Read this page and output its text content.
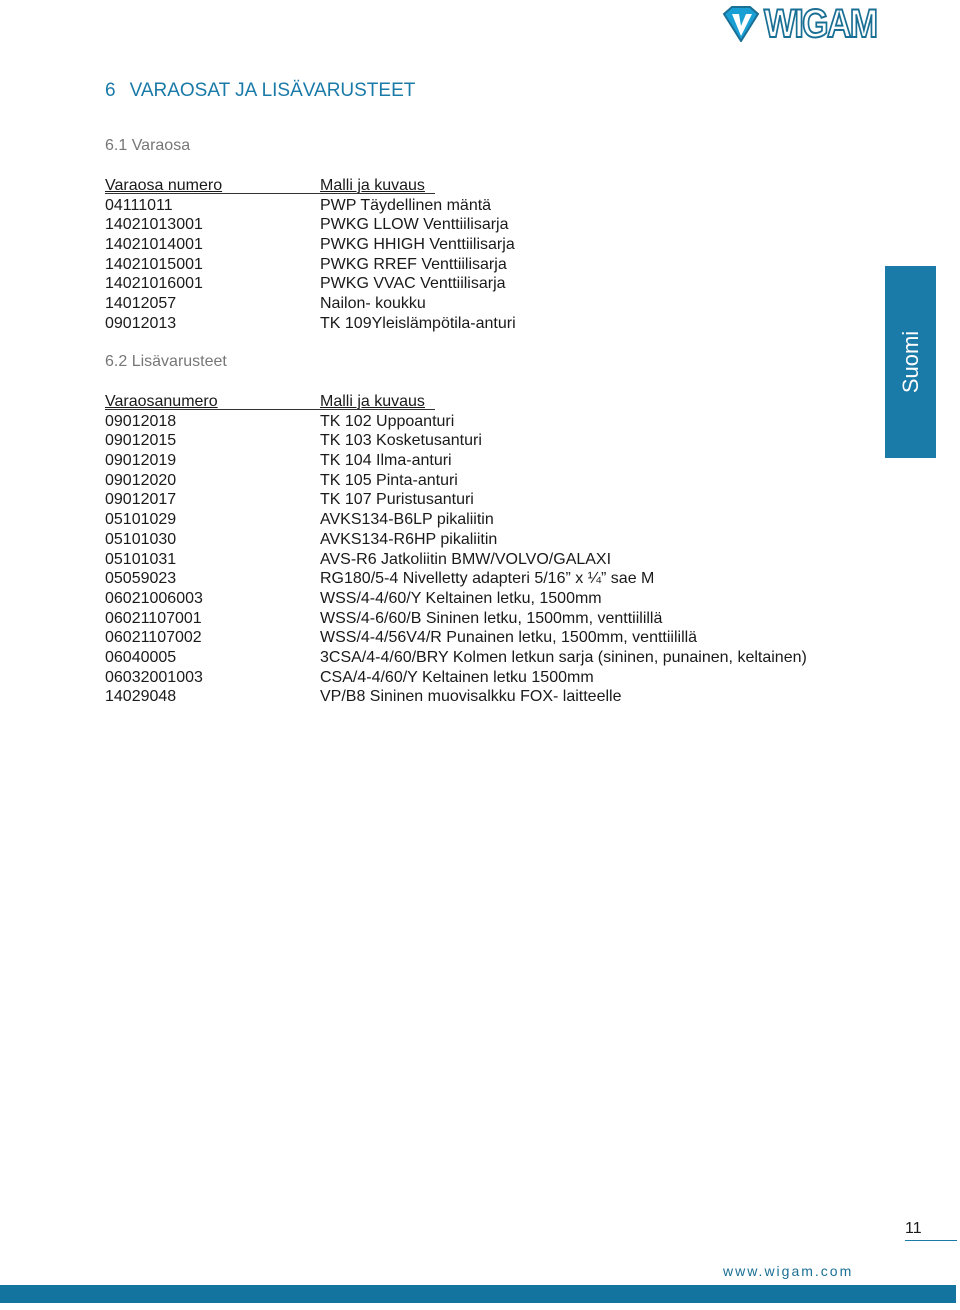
WIGAM
6 VARAOSAT JA LISÄVARUSTEET
6.1 Varaosa
Varaosa numero	Malli ja kuvaus
04111011	PWP Täydellinen mäntä
14021013001	PWKG LLOW Venttiilisarja
14021014001	PWKG HHIGH Venttiilisarja
14021015001	PWKG RREF Venttiilisarja
14021016001	PWKG VVAC Venttiilisarja
14012057	Nailon- koukku
09012013	TK 109Yleislämpötila-anturi
6.2 Lisävarusteet
Varaosanumero	Malli ja kuvaus
09012018	TK 102 Uppoanturi
09012015	TK 103 Kosketusanturi
09012019	TK 104 Ilma-anturi
09012020	TK 105 Pinta-anturi
09012017	TK 107 Puristusanturi
05101029	AVKS134-B6LP pikaliitin
05101030	AVKS134-R6HP pikaliitin
05101031	AVS-R6 Jatkoliitin BMW/VOLVO/GALAXI
05059023	RG180/5-4 Nivelletty adapteri 5/16” x ¼” sae M
06021006003	WSS/4-4/60/Y Keltainen letku, 1500mm
06021107001	WSS/4-6/60/B Sininen letku, 1500mm, venttiilillä
06021107002	WSS/4-4/56V4/R Punainen letku, 1500mm, venttiilillä
06040005	3CSA/4-4/60/BRY Kolmen letkun sarja (sininen, punainen, keltainen)
06032001003	CSA/4-4/60/Y Keltainen letku 1500mm
14029048	VP/B8 Sininen muovisalkku FOX- laitteelle
Suomi
11
www.wigam.com
